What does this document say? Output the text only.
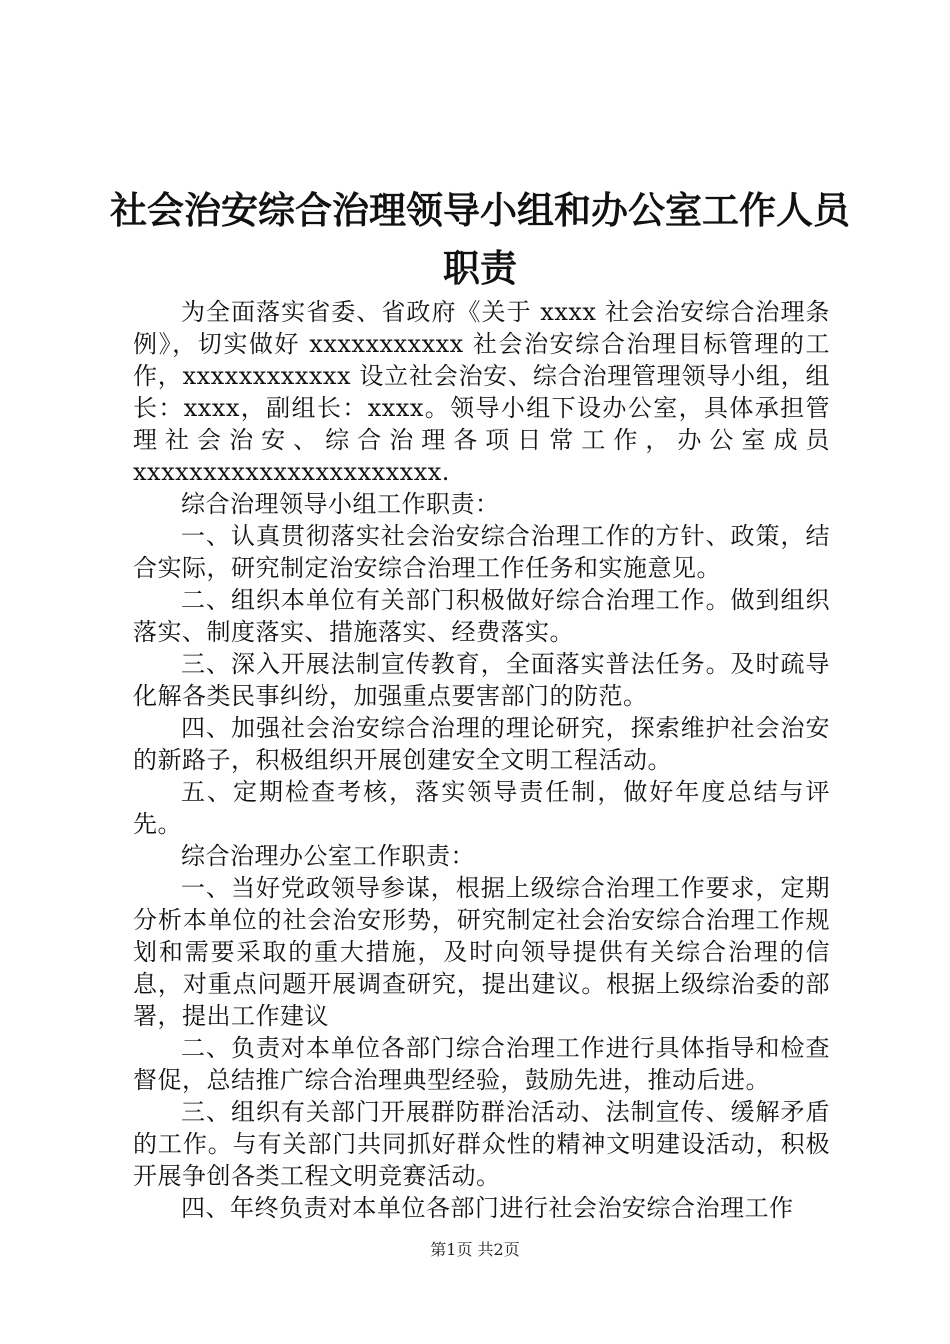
社会治安综合治理领导小组和办公室工作人员
职责

为全面落实省委、省政府《关于 xxxx 社会治安综合治理条例》，切实做好 xxxxxxxxxxx 社会治安综合治理目标管理的工作，xxxxxxxxxxxx 设立社会治安、综合治理管理领导小组，组长：xxxx，副组长：xxxx。领导小组下设办公室，具体承担管理社会治安、综合治理各项日常工作，办公室成员 xxxxxxxxxxxxxxxxxxxxxx.

综合治理领导小组工作职责：

一、认真贯彻落实社会治安综合治理工作的方针、政策，结合实际，研究制定治安综合治理工作任务和实施意见。

二、组织本单位有关部门积极做好综合治理工作。做到组织落实、制度落实、措施落实、经费落实。

三、深入开展法制宣传教育，全面落实普法任务。及时疏导化解各类民事纠纷，加强重点要害部门的防范。

四、加强社会治安综合治理的理论研究，探索维护社会治安的新路子，积极组织开展创建安全文明工程活动。

五、定期检查考核，落实领导责任制，做好年度总结与评先。

综合治理办公室工作职责：

一、当好党政领导参谋，根据上级综合治理工作要求，定期分析本单位的社会治安形势，研究制定社会治安综合治理工作规划和需要采取的重大措施，及时向领导提供有关综合治理的信息，对重点问题开展调查研究，提出建议。根据上级综治委的部署，提出工作建议

二、负责对本单位各部门综合治理工作进行具体指导和检查督促，总结推广综合治理典型经验，鼓励先进，推动后进。

三、组织有关部门开展群防群治活动、法制宣传、缓解矛盾的工作。与有关部门共同抓好群众性的精神文明建设活动，积极开展争创各类工程文明竞赛活动。

四、年终负责对本单位各部门进行社会治安综合治理工作

第1页 共2页
